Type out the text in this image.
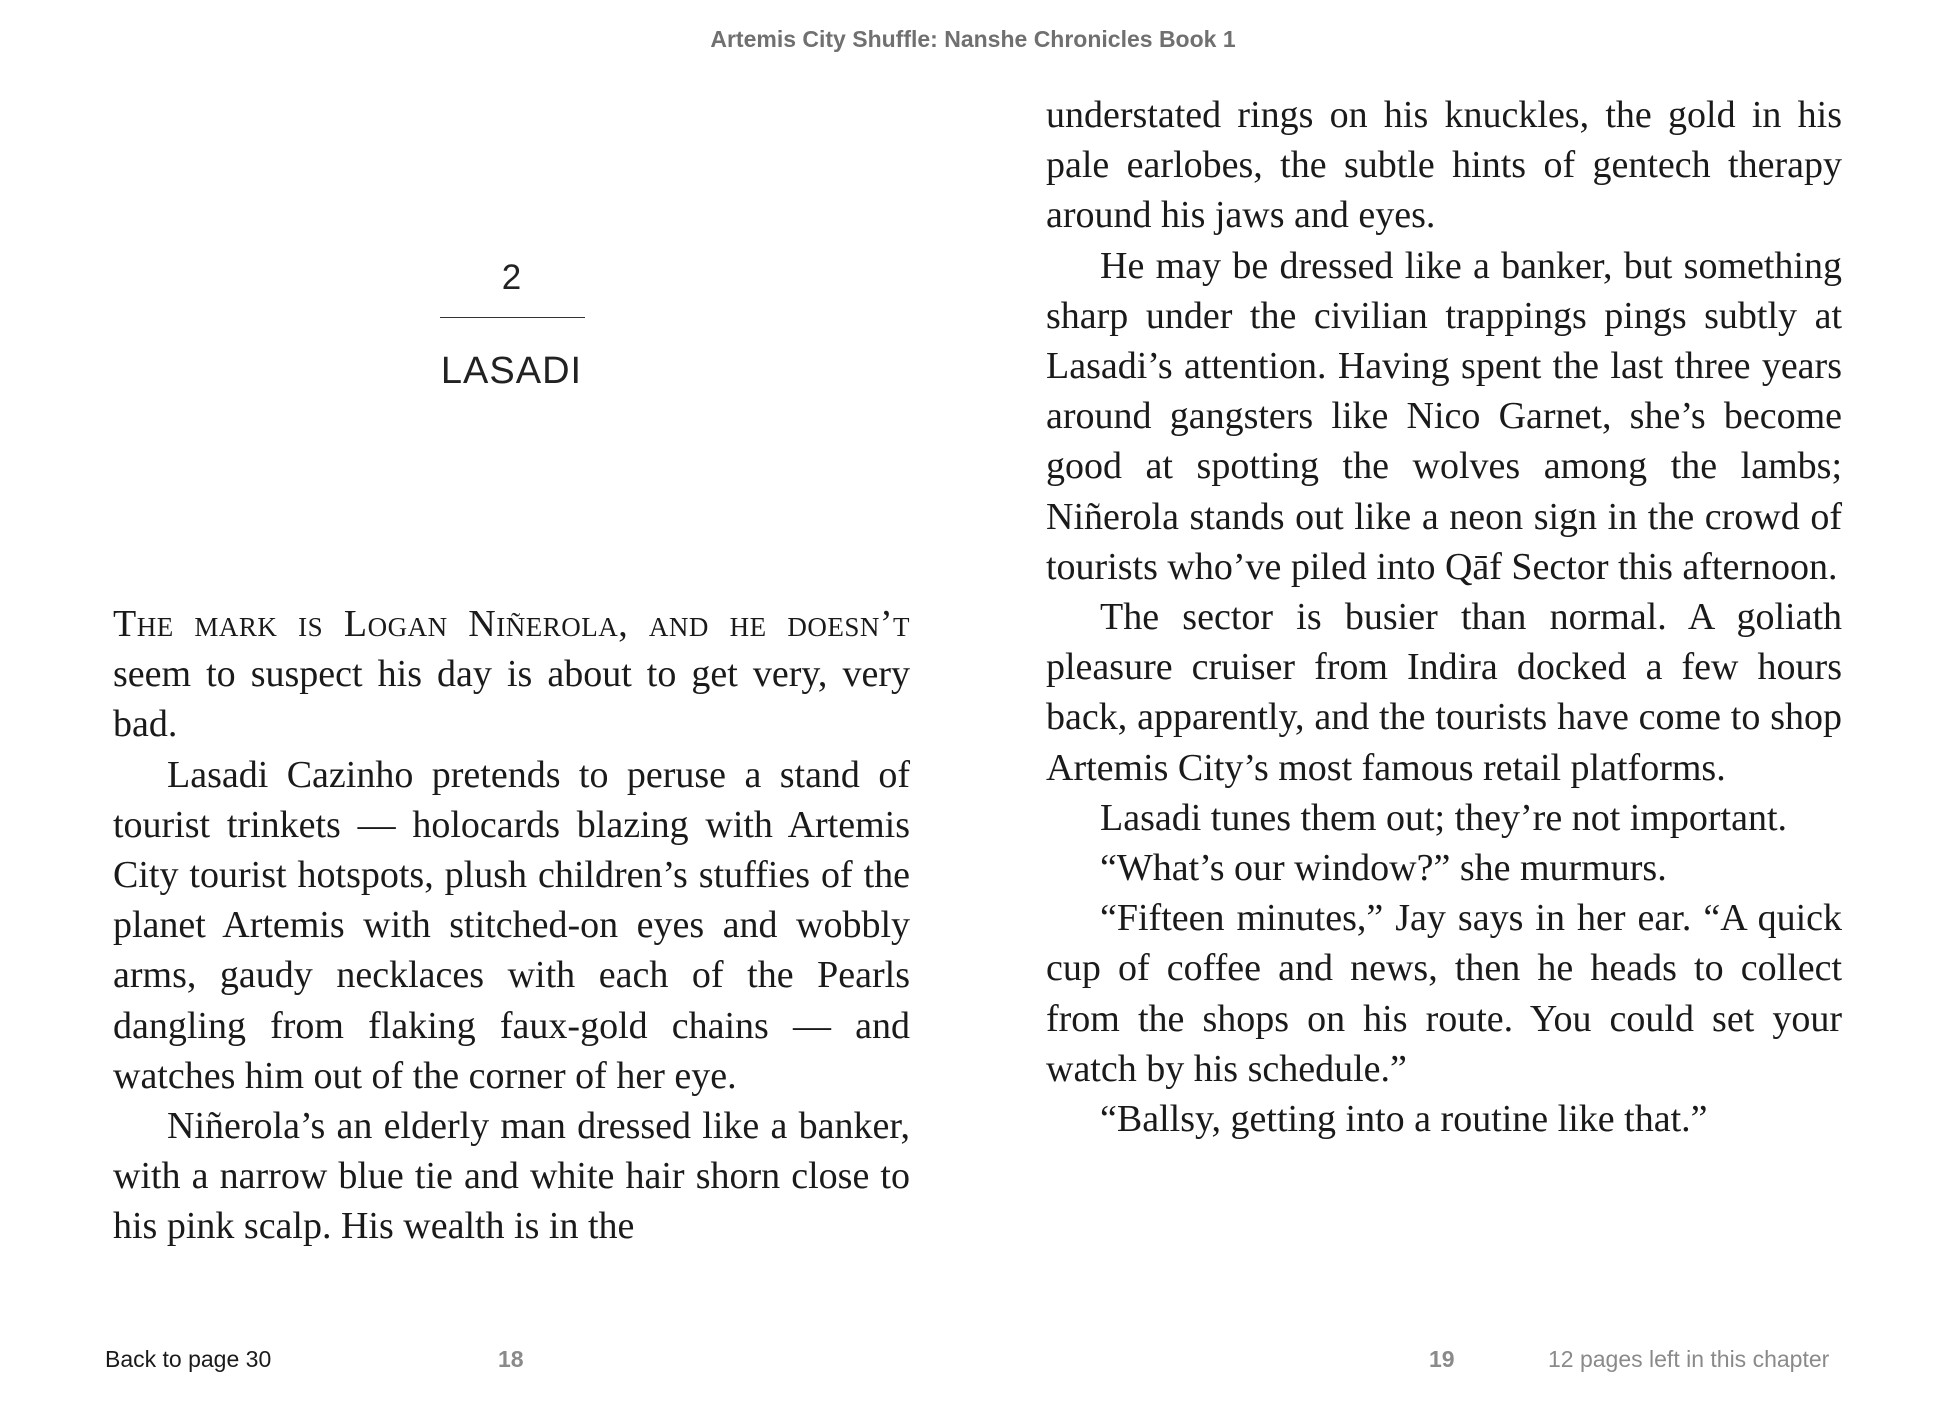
Artemis City Shuffle: Nanshe Chronicles Book 1
2
LASADI

The mark is Logan Niñerola, and he doesn’t seem to suspect his day is about to get very, very bad.

Lasadi Cazinho pretends to peruse a stand of tourist trinkets — holocards blazing with Artemis City tourist hotspots, plush children’s stuffies of the planet Artemis with stitched-on eyes and wobbly arms, gaudy necklaces with each of the Pearls dangling from flaking faux-gold chains — and watches him out of the corner of her eye.

Niñerola’s an elderly man dressed like a banker, with a narrow blue tie and white hair shorn close to his pink scalp. His wealth is in the

understated rings on his knuckles, the gold in his pale earlobes, the subtle hints of gentech therapy around his jaws and eyes.

He may be dressed like a banker, but something sharp under the civilian trappings pings subtly at Lasadi’s attention. Having spent the last three years around gangsters like Nico Garnet, she’s become good at spotting the wolves among the lambs; Niñerola stands out like a neon sign in the crowd of tourists who’ve piled into Qāf Sector this afternoon.

The sector is busier than normal. A goliath pleasure cruiser from Indira docked a few hours back, apparently, and the tourists have come to shop Artemis City’s most famous retail platforms.

Lasadi tunes them out; they’re not important.

“What’s our window?” she murmurs.

“Fifteen minutes,” Jay says in her ear. “A quick cup of coffee and news, then he heads to collect from the shops on his route. You could set your watch by his schedule.”

“Ballsy, getting into a routine like that.”

Back to page 30	18	19	12 pages left in this chapter
